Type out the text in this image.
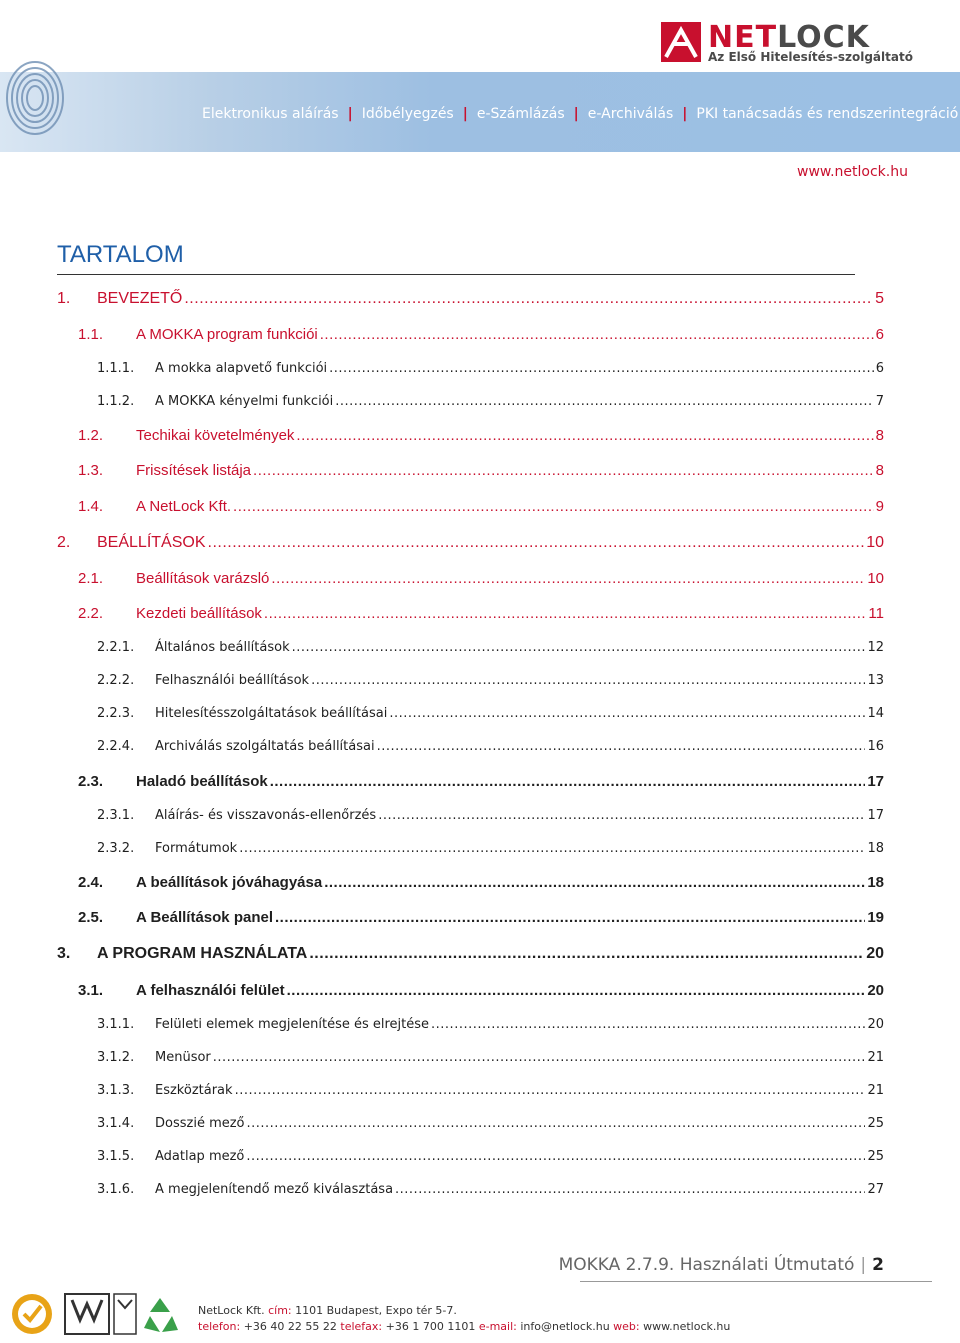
NETLOCK
Az Első Hitelesítés-szolgáltató
Elektronikus aláírás | Időbélyegzés | e-Számlázás | e-Archiválás | PKI tanácsadás és rendszerintegráció
www.netlock.hu
TARTALOM
1.	BEVEZETŐ .....	5
1.1.	A MOKKA program funkciói .....	6
1.1.1.	A mokka alapvető funkciói .....	6
1.1.2.	A MOKKA kényelmi funkciói .....	7
1.2.	Techikai követelmények .....	8
1.3.	Frissítések listája .....	8
1.4.	A NetLock Kft. .....	9
2.	BEÁLLÍTÁSOK .....	10
2.1.	Beállítások varázsló .....	10
2.2.	Kezdeti beállítások .....	11
2.2.1.	Általános beállítások .....	12
2.2.2.	Felhasználói beállítások .....	13
2.2.3.	Hitelesítésszolgáltatások beállításai .....	14
2.2.4.	Archiválás szolgáltatás beállításai .....	16
2.3.	Haladó beállítások .....	17
2.3.1.	Aláírás- és visszavonás-ellenőrzés .....	17
2.3.2.	Formátumok .....	18
2.4.	A beállítások jóváhagyása .....	18
2.5.	A Beállítások panel .....	19
3.	A PROGRAM HASZNÁLATA .....	20
3.1.	A felhasználói felület .....	20
3.1.1.	Felületi elemek megjelenítése és elrejtése .....	20
3.1.2.	Menüsor .....	21
3.1.3.	Eszköztárak .....	21
3.1.4.	Dosszié mező .....	25
3.1.5.	Adatlap mező .....	25
3.1.6.	A megjelenítendő mező kiválasztása .....	27
MOKKA 2.7.9. Használati Útmutató | 2
NetLock Kft. cím: 1101 Budapest, Expo tér 5-7.
telefon: +36 40 22 55 22 telefax: +36 1 700 1101 e-mail: info@netlock.hu web: www.netlock.hu
